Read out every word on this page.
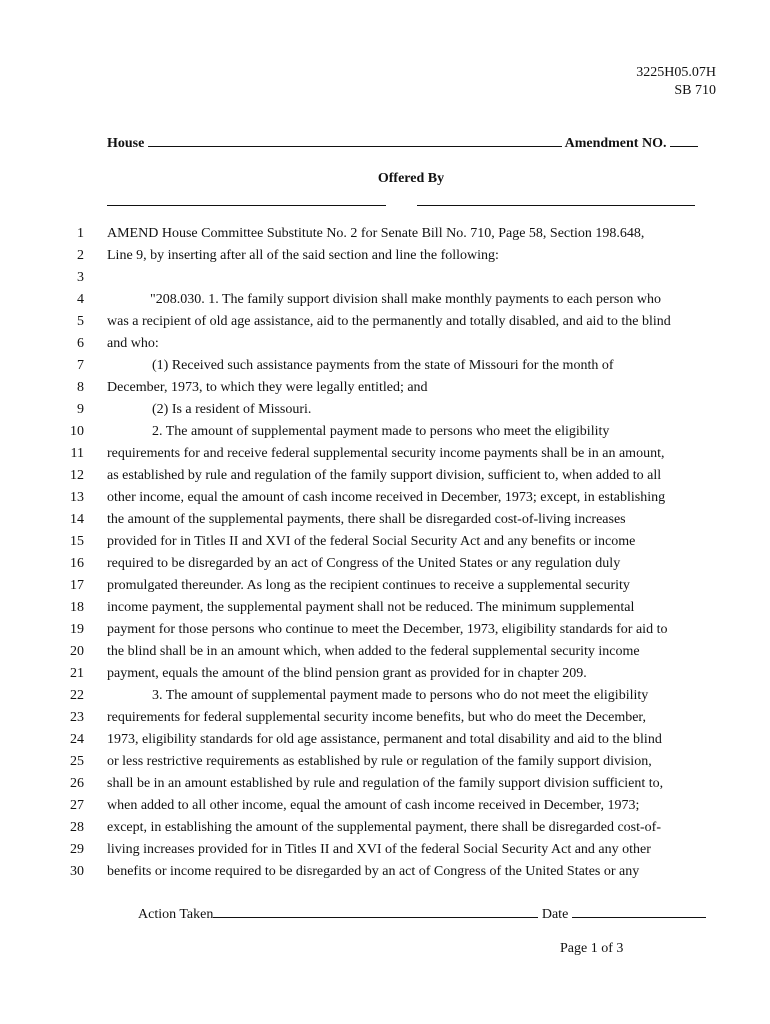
3225H05.07H
SB 710
House	Amendment NO.
Offered By
1
2
3
4
5
6
7
8
9
10
11
12
13
14
15
16
17
18
19
20
21
22
23
24
25
26
27
28
29
30
AMEND House Committee Substitute No. 2 for Senate Bill No. 710, Page 58, Section 198.648,
Line 9, by inserting after all of the said section and line the following:
"208.030. 1. The family support division shall make monthly payments to each person who
was a recipient of old age assistance, aid to the permanently and totally disabled, and aid to the blind
and who:
(1) Received such assistance payments from the state of Missouri for the month of
December, 1973, to which they were legally entitled; and
(2) Is a resident of Missouri.
2. The amount of supplemental payment made to persons who meet the eligibility
requirements for and receive federal supplemental security income payments shall be in an amount,
as established by rule and regulation of the family support division, sufficient to, when added to all
other income, equal the amount of cash income received in December, 1973; except, in establishing
the amount of the supplemental payments, there shall be disregarded cost-of-living increases
provided for in Titles II and XVI of the federal Social Security Act and any benefits or income
required to be disregarded by an act of Congress of the United States or any regulation duly
promulgated thereunder. As long as the recipient continues to receive a supplemental security
income payment, the supplemental payment shall not be reduced. The minimum supplemental
payment for those persons who continue to meet the December, 1973, eligibility standards for aid to
the blind shall be in an amount which, when added to the federal supplemental security income
payment, equals the amount of the blind pension grant as provided for in chapter 209.
3. The amount of supplemental payment made to persons who do not meet the eligibility
requirements for federal supplemental security income benefits, but who do meet the December,
1973, eligibility standards for old age assistance, permanent and total disability and aid to the blind
or less restrictive requirements as established by rule or regulation of the family support division,
shall be in an amount established by rule and regulation of the family support division sufficient to,
when added to all other income, equal the amount of cash income received in December, 1973;
except, in establishing the amount of the supplemental payment, there shall be disregarded cost-of-
living increases provided for in Titles II and XVI of the federal Social Security Act and any other
benefits or income required to be disregarded by an act of Congress of the United States or any
Action Taken	Date
Page 1 of 3
